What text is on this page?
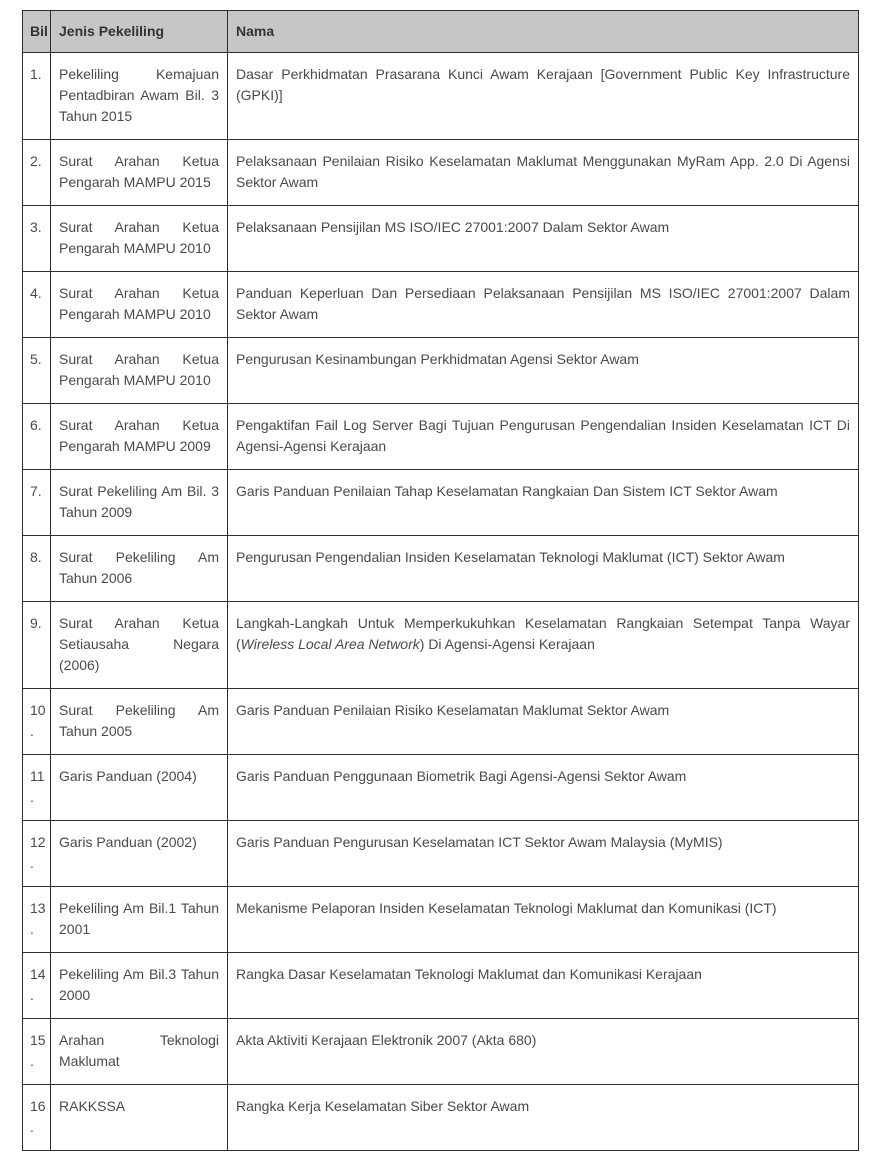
Bil	Jenis Pekeliling	Nama
1.	Pekeliling Kemajuan Pentadbiran Awam Bil. 3 Tahun 2015	Dasar Perkhidmatan Prasarana Kunci Awam Kerajaan [Government Public Key Infrastructure (GPKI)]
2.	Surat Arahan Ketua Pengarah MAMPU 2015	Pelaksanaan Penilaian Risiko Keselamatan Maklumat Menggunakan MyRam App. 2.0 Di Agensi Sektor Awam
3.	Surat Arahan Ketua Pengarah MAMPU 2010	Pelaksanaan Pensijilan MS ISO/IEC 27001:2007 Dalam Sektor Awam
4.	Surat Arahan Ketua Pengarah MAMPU 2010	Panduan Keperluan Dan Persediaan Pelaksanaan Pensijilan MS ISO/IEC 27001:2007 Dalam Sektor Awam
5.	Surat Arahan Ketua Pengarah MAMPU 2010	Pengurusan Kesinambungan Perkhidmatan Agensi Sektor Awam
6.	Surat Arahan Ketua Pengarah MAMPU 2009	Pengaktifan Fail Log Server Bagi Tujuan Pengurusan Pengendalian Insiden Keselamatan ICT Di Agensi-Agensi Kerajaan
7.	Surat Pekeliling Am Bil. 3 Tahun 2009	Garis Panduan Penilaian Tahap Keselamatan Rangkaian Dan Sistem ICT Sektor Awam
8.	Surat Pekeliling Am Tahun 2006	Pengurusan Pengendalian Insiden Keselamatan Teknologi Maklumat (ICT) Sektor Awam
9.	Surat Arahan Ketua Setiausaha Negara (2006)	Langkah-Langkah Untuk Memperkukuhkan Keselamatan Rangkaian Setempat Tanpa Wayar (Wireless Local Area Network) Di Agensi-Agensi Kerajaan
10.	Surat Pekeliling Am Tahun 2005	Garis Panduan Penilaian Risiko Keselamatan Maklumat Sektor Awam
11.	Garis Panduan (2004)	Garis Panduan Penggunaan Biometrik Bagi Agensi-Agensi Sektor Awam
12.	Garis Panduan (2002)	Garis Panduan Pengurusan Keselamatan ICT Sektor Awam Malaysia (MyMIS)
13.	Pekeliling Am Bil.1 Tahun 2001	Mekanisme Pelaporan Insiden Keselamatan Teknologi Maklumat dan Komunikasi (ICT)
14.	Pekeliling Am Bil.3 Tahun 2000	Rangka Dasar Keselamatan Teknologi Maklumat dan Komunikasi Kerajaan
15.	Arahan Teknologi Maklumat	Akta Aktiviti Kerajaan Elektronik 2007 (Akta 680)
16.	RAKKSSA	Rangka Kerja Keselamatan Siber Sektor Awam
